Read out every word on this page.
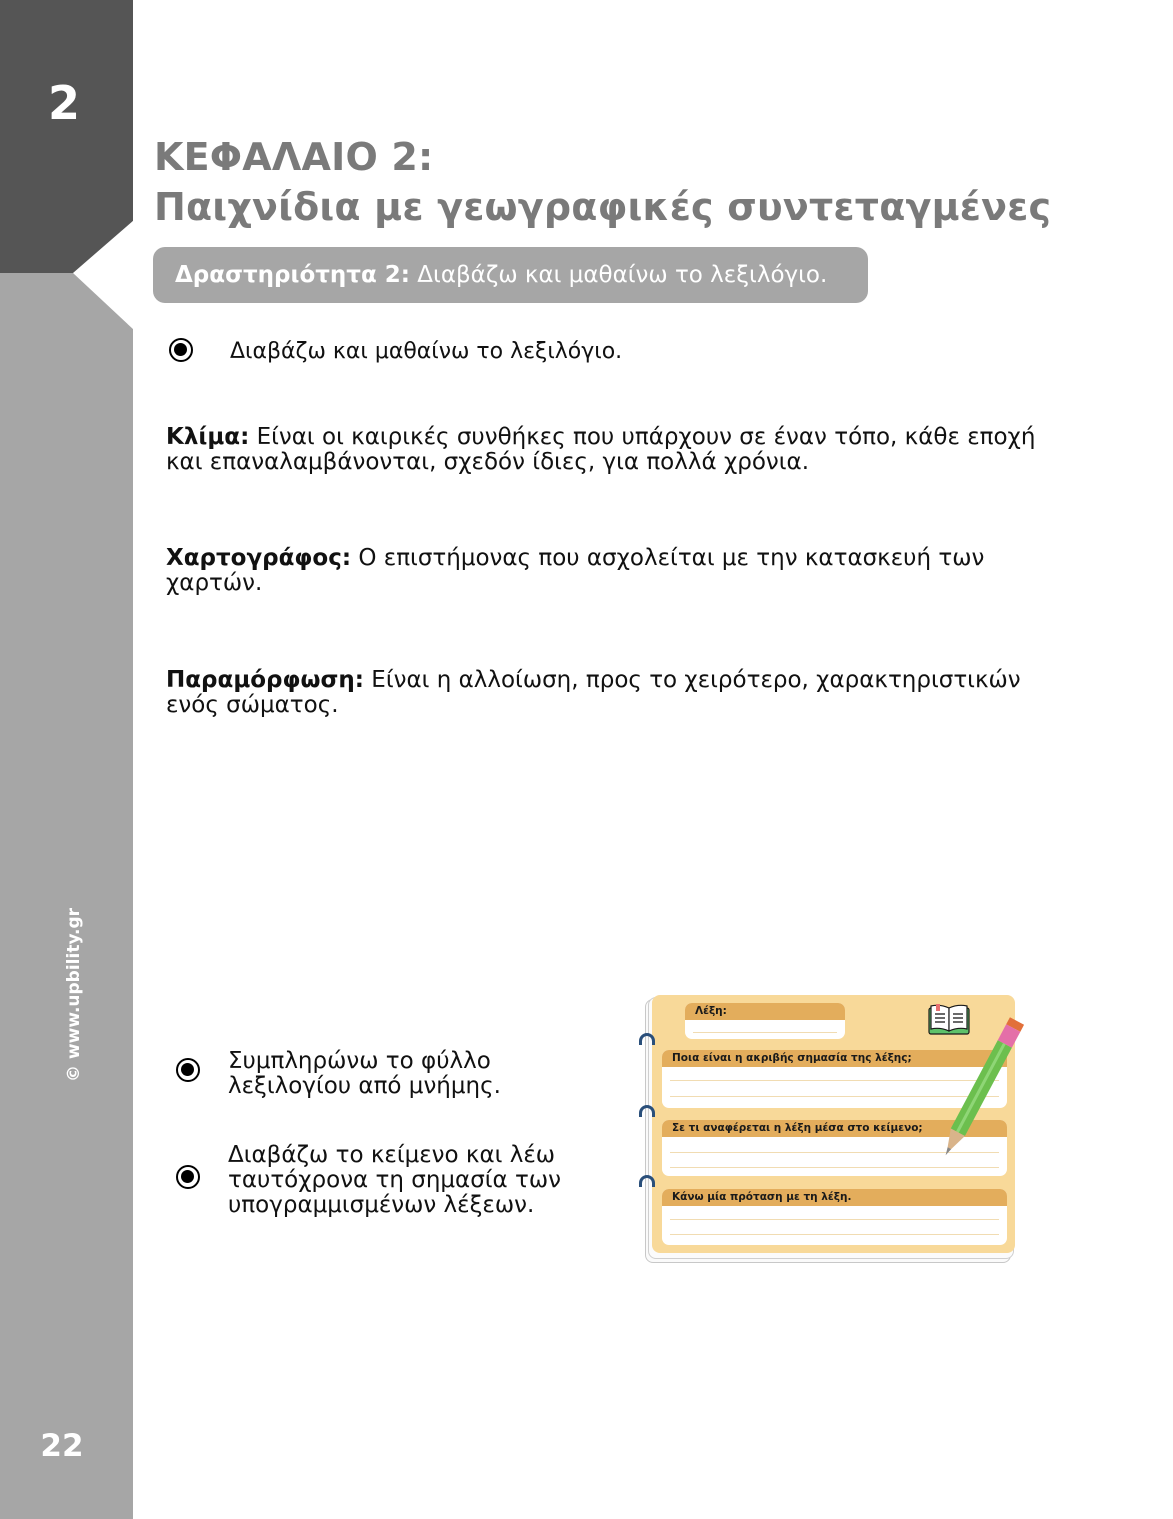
2
© www.upbility.gr
22
ΚΕΦΑΛΑΙΟ 2:
Παιχνίδια με γεωγραφικές συντεταγμένες
Δραστηριότητα 2: Διαβάζω και μαθαίνω το λεξιλόγιο.
Διαβάζω και μαθαίνω το λεξιλόγιο.
Κλίμα: Είναι οι καιρικές συνθήκες που υπάρχουν σε έναν τόπο, κάθε εποχή και επαναλαμβάνονται, σχεδόν ίδιες, για πολλά χρόνια.
Χαρτογράφος: Ο επιστήμονας που ασχολείται με την κατασκευή των χαρτών.
Παραμόρφωση: Είναι η αλλοίωση, προς το χειρότερο, χαρακτηριστικών ενός σώματος.
Συμπληρώνω το φύλλο
λεξιλογίου από μνήμης.
Διαβάζω το κείμενο και λέω
ταυτόχρονα τη σημασία των
υπογραμμισμένων λέξεων.
Λέξη:
Ποια είναι η ακριβής σημασία της λέξης;
Σε τι αναφέρεται η λέξη μέσα στο κείμενο;
Κάνω μία πρόταση με τη λέξη.
